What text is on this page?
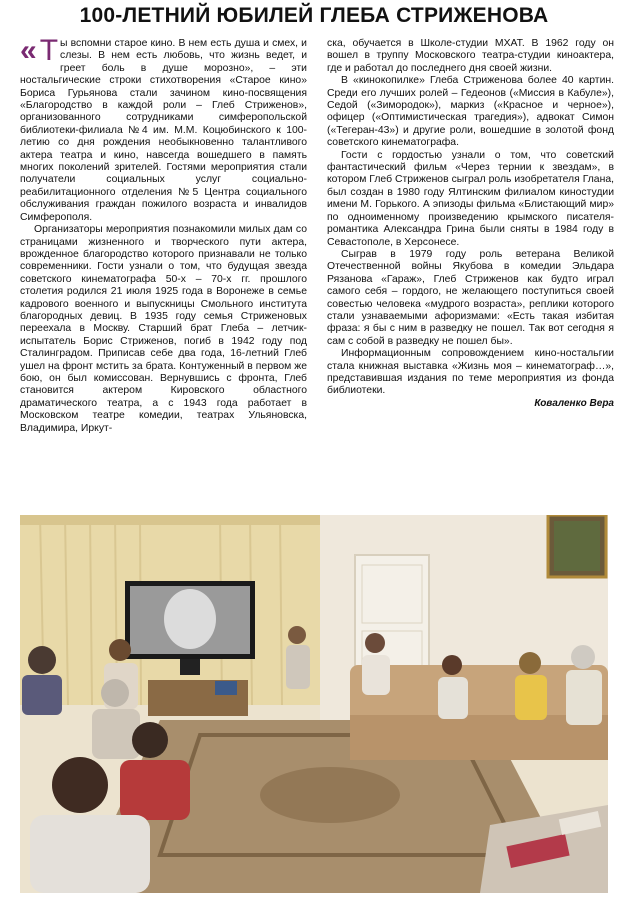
100-ЛЕТНИЙ ЮБИЛЕЙ ГЛЕБА СТРИЖЕНОВА

« Т ы вспомни старое кино. В нем есть душа и смех, и слезы. В нем есть любовь, что жизнь ведет, и греет боль в душе морозно», – эти ностальгические строки стихотворения «Старое кино» Бориса Гурьянова стали зачином кино-посвящения «Благородство в каждой роли – Глеб Стриженов», организованного сотрудниками симферопольской библиотеки-филиала №4 им. М.М. Коцюбинского к 100-летию со дня рождения необыкновенно талантливого актера театра и кино, навсегда вошедшего в память многих поколений зрителей. Гостями мероприятия стали получатели социальных услуг социально-реабилитационного отделения №5 Центра социального обслуживания граждан пожилого возраста и инвалидов Симферополя.

Организаторы мероприятия познакомили милых дам со страницами жизненного и творческого пути актера, врожденное благородство которого признавали не только современники. Гости узнали о том, что будущая звезда советского кинематографа 50-х – 70-х гг. прошлого столетия родился 21 июля 1925 года в Воронеже в семье кадрового военного и выпускницы Смольного института благородных девиц. В 1935 году семья Стриженовых переехала в Москву. Старший брат Глеба – летчик-испытатель Борис Стриженов, погиб в 1942 году под Сталинградом. Приписав себе два года, 16-летний Глеб ушел на фронт мстить за брата. Контуженный в первом же бою, он был комиссован. Вернувшись с фронта, Глеб становится актером Кировского областного драматического театра, а с 1943 года работает в Московском театре комедии, театрах Ульяновска, Владимира, Иркут-

ска, обучается в Школе-студии МХАТ. В 1962 году он вошел в труппу Московского театра-студии киноактера, где и работал до последнего дня своей жизни.

В «кинокопилке» Глеба Стриженова более 40 картин. Среди его лучших ролей – Гедеонов («Миссия в Кабуле»), Седой («Зимородок»), маркиз («Красное и черное»), офицер («Оптимистическая трагедия»), адвокат Симон («Тегеран-43») и другие роли, вошедшие в золотой фонд советского кинематографа.

Гости с гордостью узнали о том, что советский фантастический фильм «Через тернии к звездам», в котором Глеб Стриженов сыграл роль изобретателя Глана, был создан в 1980 году Ялтинским филиалом киностудии имени М. Горького. А эпизоды фильма «Блистающий мир» по одноименному произведению крымского писателя-романтика Александра Грина были сняты в 1984 году в Севастополе, в Херсонесе.

Сыграв в 1979 году роль ветерана Великой Отечественной войны Якубова в комедии Эльдара Рязанова «Гараж», Глеб Стриженов как будто играл самого себя – гордого, не желающего поступиться своей совестью человека «мудрого возраста», реплики которого стали узнаваемыми афоризмами: «Есть такая избитая фраза: я бы с ним в разведку не пошел. Так вот сегодня я сам с собой в разведку не пошел бы».

Информационным сопровождением кино-ностальгии стала книжная выставка «Жизнь моя – кинематограф…», представившая издания по теме мероприятия из фонда библиотеки.

Коваленко Вера
